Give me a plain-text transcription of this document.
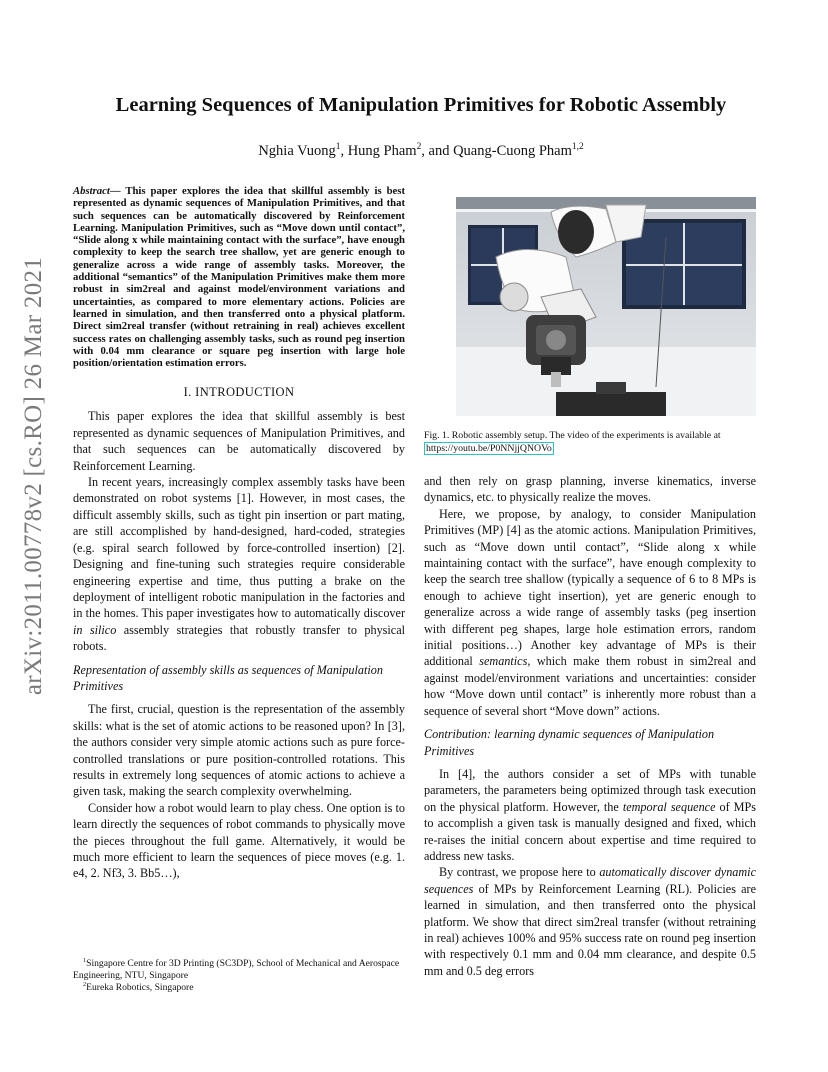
arXiv:2011.00778v2 [cs.RO] 26 Mar 2021
Learning Sequences of Manipulation Primitives for Robotic Assembly
Nghia Vuong$^1$, Hung Pham$^2$, and Quang-Cuong Pham$^{1,2}$

Abstract— This paper explores the idea that skillful assembly is best represented as dynamic sequences of Manipulation Primitives, and that such sequences can be automatically discovered by Reinforcement Learning. Manipulation Primitives, such as “Move down until contact”, “Slide along x while maintaining contact with the surface”, have enough complexity to keep the search tree shallow, yet are generic enough to generalize across a wide range of assembly tasks. Moreover, the additional “semantics” of the Manipulation Primitives make them more robust in sim2real and against model/environment variations and uncertainties, as compared to more elementary actions. Policies are learned in simulation, and then transferred onto a physical platform. Direct sim2real transfer (without retraining in real) achieves excellent success rates on challenging assembly tasks, such as round peg insertion with 0.04 mm clearance or square peg insertion with large hole position/orientation estimation errors.

I. INTRODUCTION

This paper explores the idea that skillful assembly is best represented as dynamic sequences of Manipulation Primitives, and that such sequences can be automatically discovered by Reinforcement Learning.

In recent years, increasingly complex assembly tasks have been demonstrated on robot systems [1]. However, in most cases, the difficult assembly skills, such as tight pin insertion or part mating, are still accomplished by hand-designed, hard-coded, strategies (e.g. spiral search followed by force-controlled insertion) [2]. Designing and fine-tuning such strategies require considerable engineering expertise and time, thus putting a brake on the deployment of intelligent robotic manipulation in the factories and in the homes. This paper investigates how to automatically discover in silico assembly strategies that robustly transfer to physical robots.

Representation of assembly skills as sequences of Manipulation Primitives

The first, crucial, question is the representation of the assembly skills: what is the set of atomic actions to be reasoned upon? In [3], the authors consider very simple atomic actions such as pure force-controlled translations or pure position-controlled rotations. This results in extremely long sequences of atomic actions to achieve a given task, making the search complexity overwhelming.

Consider how a robot would learn to play chess. One option is to learn directly the sequences of robot commands to physically move the pieces throughout the full game. Alternatively, it would be much more efficient to learn the sequences of piece moves (e.g. 1. e4, 2. Nf3, 3. Bb5…),

Fig. 1. Robotic assembly setup. The video of the experiments is available at https://youtu.be/P0NNjjQNOVo

and then rely on grasp planning, inverse kinematics, inverse dynamics, etc. to physically realize the moves.

Here, we propose, by analogy, to consider Manipulation Primitives (MP) [4] as the atomic actions. Manipulation Primitives, such as “Move down until contact”, “Slide along x while maintaining contact with the surface”, have enough complexity to keep the search tree shallow (typically a sequence of 6 to 8 MPs is enough to achieve tight insertion), yet are generic enough to generalize across a wide range of assembly tasks (peg insertion with different peg shapes, large hole estimation errors, random initial positions…) Another key advantage of MPs is their additional semantics, which make them robust in sim2real and against model/environment variations and uncertainties: consider how “Move down until contact” is inherently more robust than a sequence of several short “Move down” actions.

Contribution: learning dynamic sequences of Manipulation Primitives

In [4], the authors consider a set of MPs with tunable parameters, the parameters being optimized through task execution on the physical platform. However, the temporal sequence of MPs to accomplish a given task is manually designed and fixed, which re-raises the initial concern about expertise and time required to address new tasks.

By contrast, we propose here to automatically discover dynamic sequences of MPs by Reinforcement Learning (RL). Policies are learned in simulation, and then transferred onto the physical platform. We show that direct sim2real transfer (without retraining in real) achieves 100% and 95% success rate on round peg insertion with respectively 0.1 mm and 0.04 mm clearance, and despite 0.5 mm and 0.5 deg errors

$^1$Singapore Centre for 3D Printing (SC3DP), School of Mechanical and Aerospace Engineering, NTU, Singapore

$^2$Eureka Robotics, Singapore
